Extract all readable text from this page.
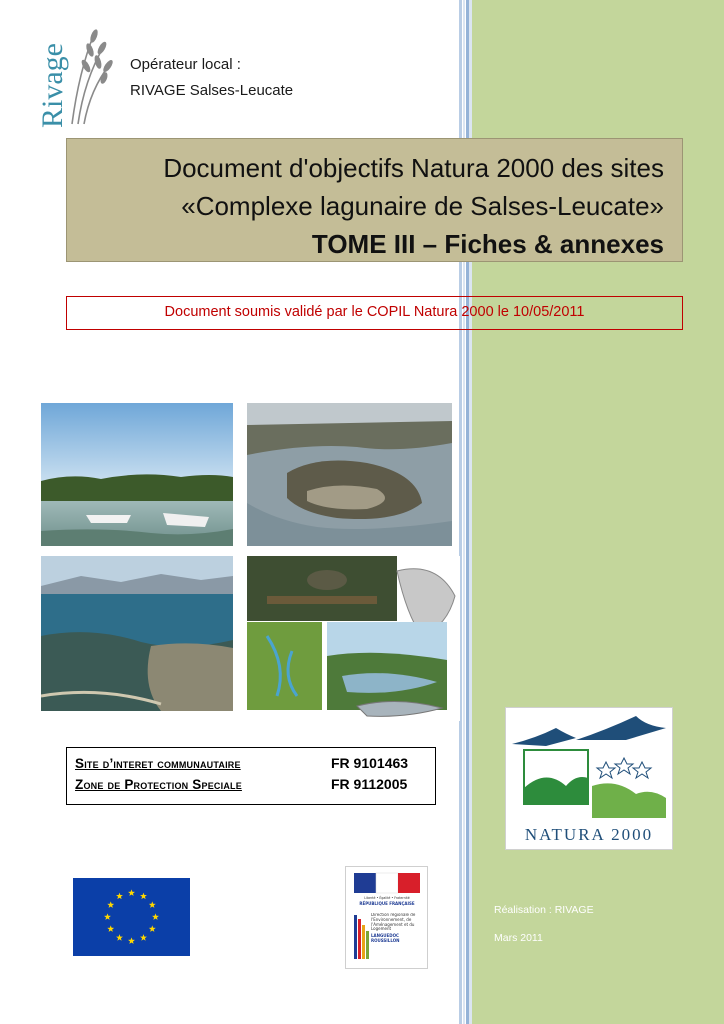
Rivage	Opérateur local :
RIVAGE Salses-Leucate
Document d'objectifs Natura 2000 des sites
«Complexe lagunaire de Salses-Leucate»
TOME III – Fiches & annexes
Document soumis validé par le COPIL Natura 2000 le 10/05/2011
Site d’interet communautaire	FR 9101463
Zone de Protection Speciale	FR 9112005
NATURA 2000
Liberté • Égalité • Fraternité
RÉPUBLIQUE FRANÇAISE
Direction régionale de l'Environnement, de l'Aménagement et du Logement
LANGUEDOC ROUSSILLON
Réalisation : RIVAGE
Mars 2011
